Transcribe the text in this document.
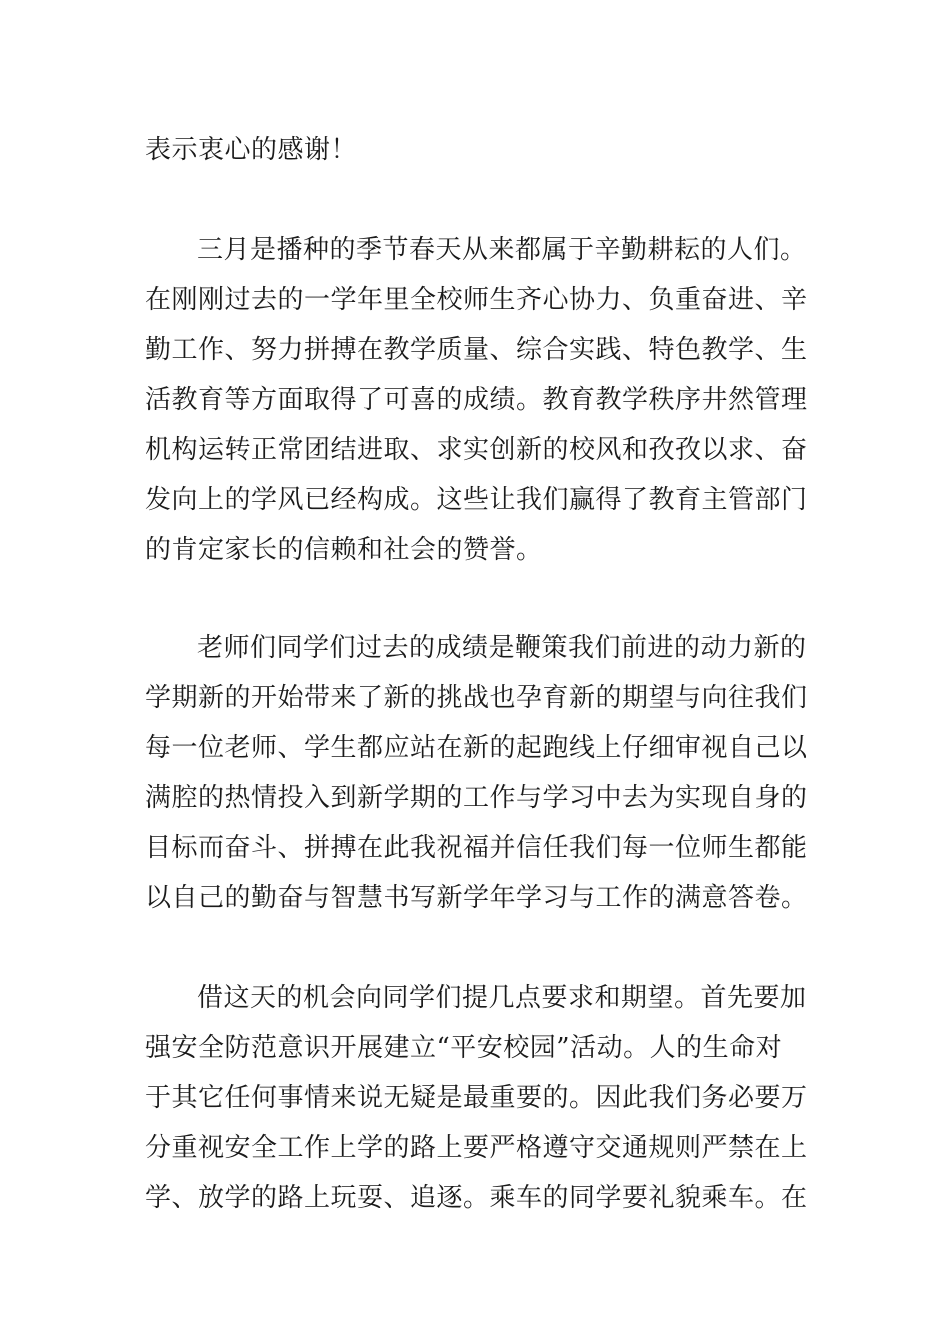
表示衷心的感谢！
三月是播种的季节春天从来都属于辛勤耕耘的人们。
在刚刚过去的一学年里全校师生齐心协力、负重奋进、辛
勤工作、努力拼搏在教学质量、综合实践、特色教学、生
活教育等方面取得了可喜的成绩。教育教学秩序井然管理
机构运转正常团结进取、求实创新的校风和孜孜以求、奋
发向上的学风已经构成。这些让我们赢得了教育主管部门
的肯定家长的信赖和社会的赞誉。
老师们同学们过去的成绩是鞭策我们前进的动力新的
学期新的开始带来了新的挑战也孕育新的期望与向往我们
每一位老师、学生都应站在新的起跑线上仔细审视自己以
满腔的热情投入到新学期的工作与学习中去为实现自身的
目标而奋斗、拼搏在此我祝福并信任我们每一位师生都能
以自己的勤奋与智慧书写新学年学习与工作的满意答卷。
借这天的机会向同学们提几点要求和期望。首先要加
强安全防范意识开展建立“平安校园”活动。人的生命对
于其它任何事情来说无疑是最重要的。因此我们务必要万
分重视安全工作上学的路上要严格遵守交通规则严禁在上
学、放学的路上玩耍、追逐。乘车的同学要礼貌乘车。在
